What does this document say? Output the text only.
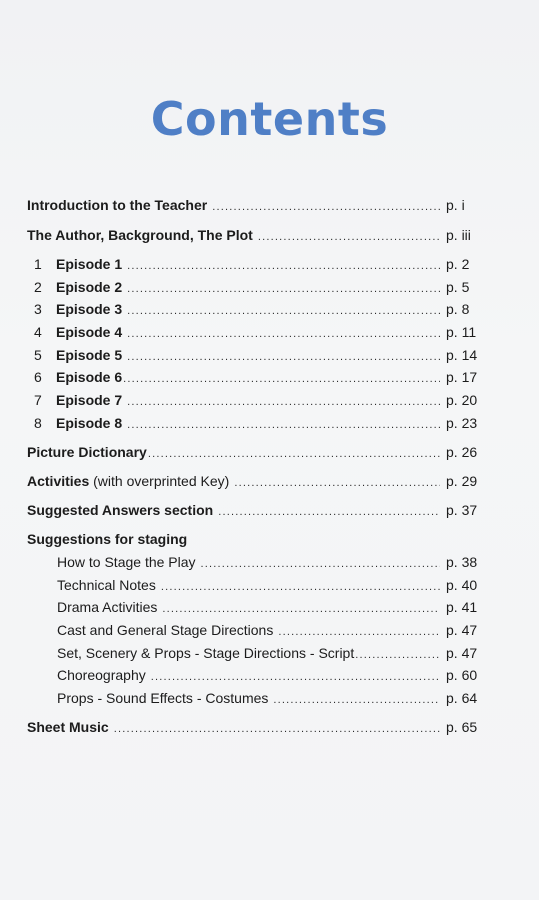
Contents
Introduction to the Teacher .....	p. i
The Author, Background, The Plot .....	p. iii
1	Episode 1 .....	p. 2
2	Episode 2 .....	p. 5
3	Episode 3 .....	p. 8
4	Episode 4 .....	p. 11
5	Episode 5 .....	p. 14
6	Episode 6 .....	p. 17
7	Episode 7 .....	p. 20
8	Episode 8 .....	p. 23
Picture Dictionary .....	p. 26
Activities (with overprinted Key) .....	p. 29
Suggested Answers section .....	p. 37
Suggestions for staging
How to Stage the Play .....	p. 38
Technical Notes .....	p. 40
Drama Activities .....	p. 41
Cast and General Stage Directions .....	p. 47
Set, Scenery & Props - Stage Directions - Script .....	p. 47
Choreography .....	p. 60
Props - Sound Effects - Costumes .....	p. 64
Sheet Music .....	p. 65
